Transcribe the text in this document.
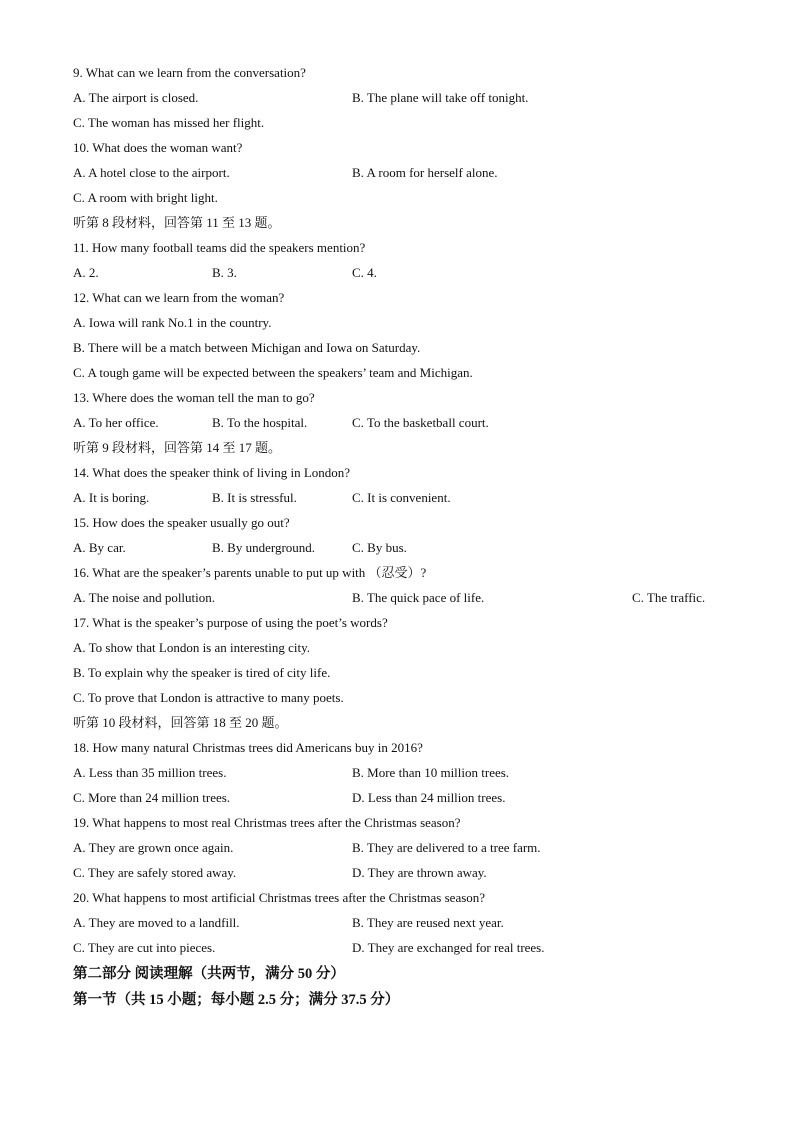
9. What can we learn from the conversation?
A. The airport is closed.	B. The plane will take off tonight.
C. The woman has missed her flight.
10. What does the woman want?
A. A hotel close to the airport.	B. A room for herself alone.
C. A room with bright light.
听第 8 段材料，回答第 11 至 13 题。
11. How many football teams did the speakers mention?
A. 2.	B. 3.	C. 4.
12. What can we learn from the woman?
A. Iowa will rank No.1 in the country.
B. There will be a match between Michigan and Iowa on Saturday.
C. A tough game will be expected between the speakers’ team and Michigan.
13. Where does the woman tell the man to go?
A. To her office.	B. To the hospital.	C. To the basketball court.
听第 9 段材料，回答第 14 至 17 题。
14. What does the speaker think of living in London?
A. It is boring.	B. It is stressful.	C. It is convenient.
15. How does the speaker usually go out?
A. By car.	B. By underground.	C. By bus.
16. What are the speaker’s parents unable to put up with （忍受）?
A. The noise and pollution.	B. The quick pace of life.	C. The traffic.
17. What is the speaker’s purpose of using the poet’s words?
A. To show that London is an interesting city.
B. To explain why the speaker is tired of city life.
C. To prove that London is attractive to many poets.
听第 10 段材料，回答第 18 至 20 题。
18. How many natural Christmas trees did Americans buy in 2016?
A. Less than 35 million trees.	B. More than 10 million trees.
C. More than 24 million trees.	D. Less than 24 million trees.
19. What happens to most real Christmas trees after the Christmas season?
A. They are grown once again.	B. They are delivered to a tree farm.
C. They are safely stored away.	D. They are thrown away.
20. What happens to most artificial Christmas trees after the Christmas season?
A. They are moved to a landfill.	B. They are reused next year.
C. They are cut into pieces.	D. They are exchanged for real trees.
第二部分 阅读理解（共两节，满分 50 分）
第一节（共 15 小题；每小题 2.5 分；满分 37.5 分）
